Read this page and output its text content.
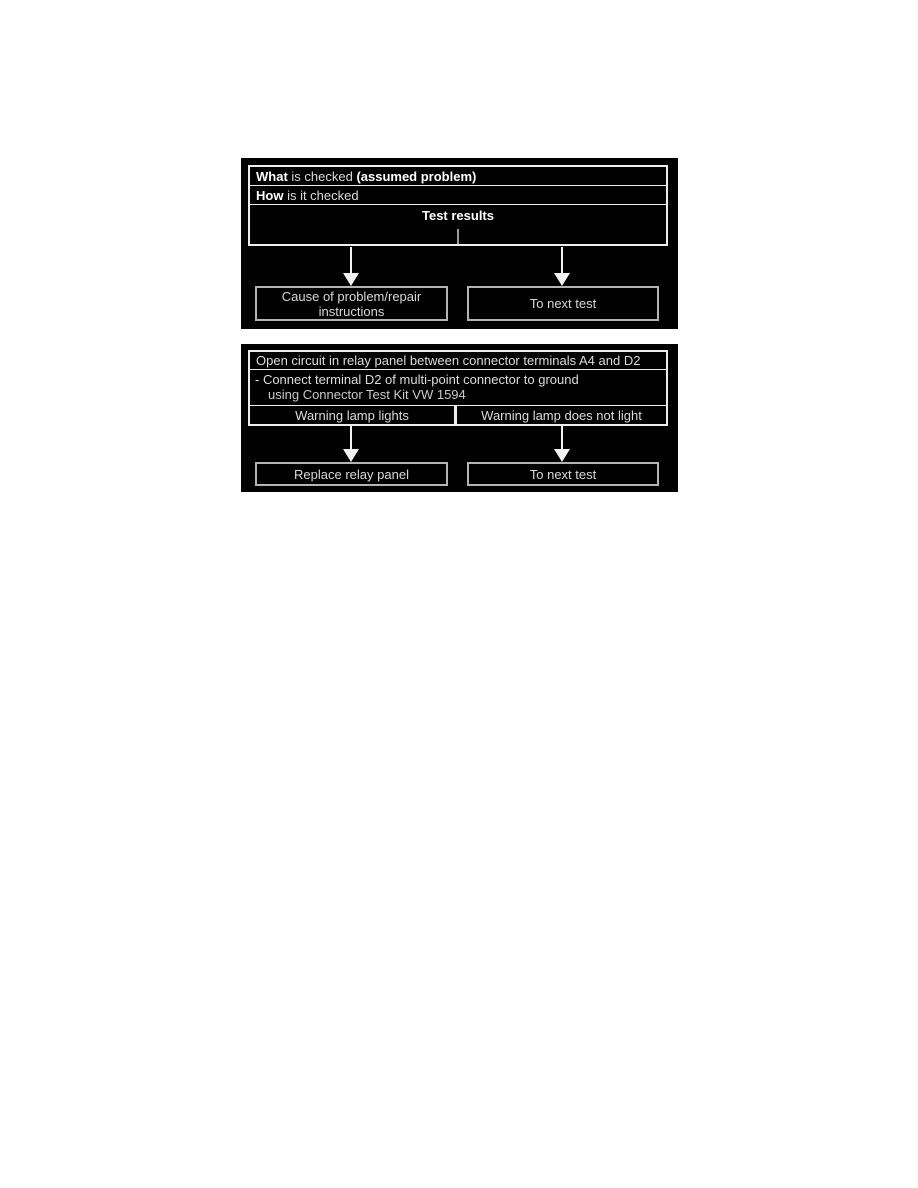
What is checked (assumed problem)
How is it checked
Test results
Cause of problem/repair
instructions	To next test
Open circuit in relay panel between connector terminals A4 and D2
- Connect terminal D2 of multi-point connector to ground
using Connector Test Kit VW 1594
Warning lamp lights	Warning lamp does not light
Replace relay panel	To next test
